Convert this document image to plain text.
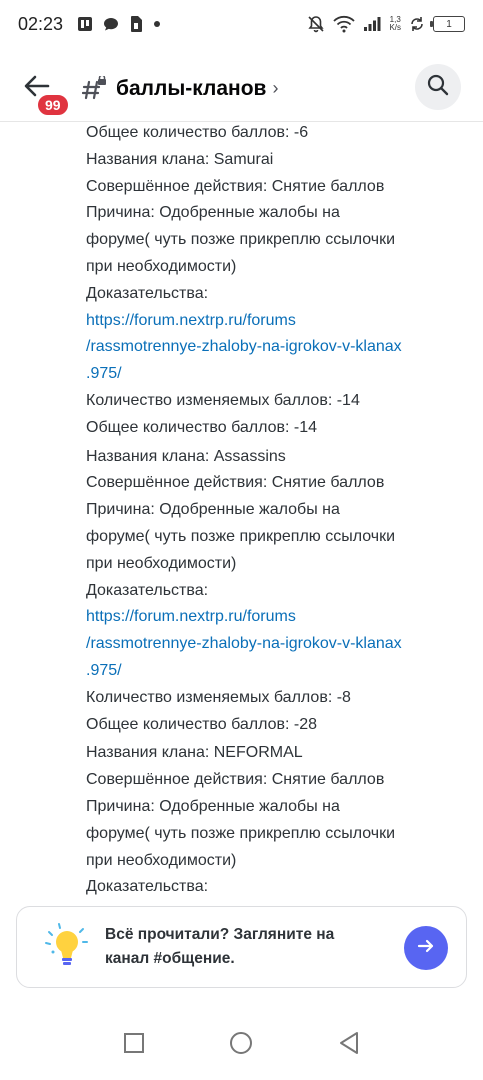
02:23	1,3
K/s	1
99
баллы-кланов ›
Общее количество баллов: -6
Названия клана: Samurai
Совершённое действия: Снятие баллов
Причина: Одобренные жалобы на
форуме( чуть позже прикреплю ссылочки
при необходимости)
Доказательства:
https://forum.nextrp.ru/forums
/rassmotrennye-zhaloby-na-igrokov-v-klanax
.975/
Количество изменяемых баллов: -14
Общее количество баллов: -14
Названия клана: Assassins
Совершённое действия: Снятие баллов
Причина: Одобренные жалобы на
форуме( чуть позже прикреплю ссылочки
при необходимости)
Доказательства:
https://forum.nextrp.ru/forums
/rassmotrennye-zhaloby-na-igrokov-v-klanax
.975/
Количество изменяемых баллов: -8
Общее количество баллов: -28
Названия клана: NEFORMAL
Совершённое действия: Снятие баллов
Причина: Одобренные жалобы на
форуме( чуть позже прикреплю ссылочки
при необходимости)
Доказательства:
Всё прочитали? Загляните на
канал #общение.
